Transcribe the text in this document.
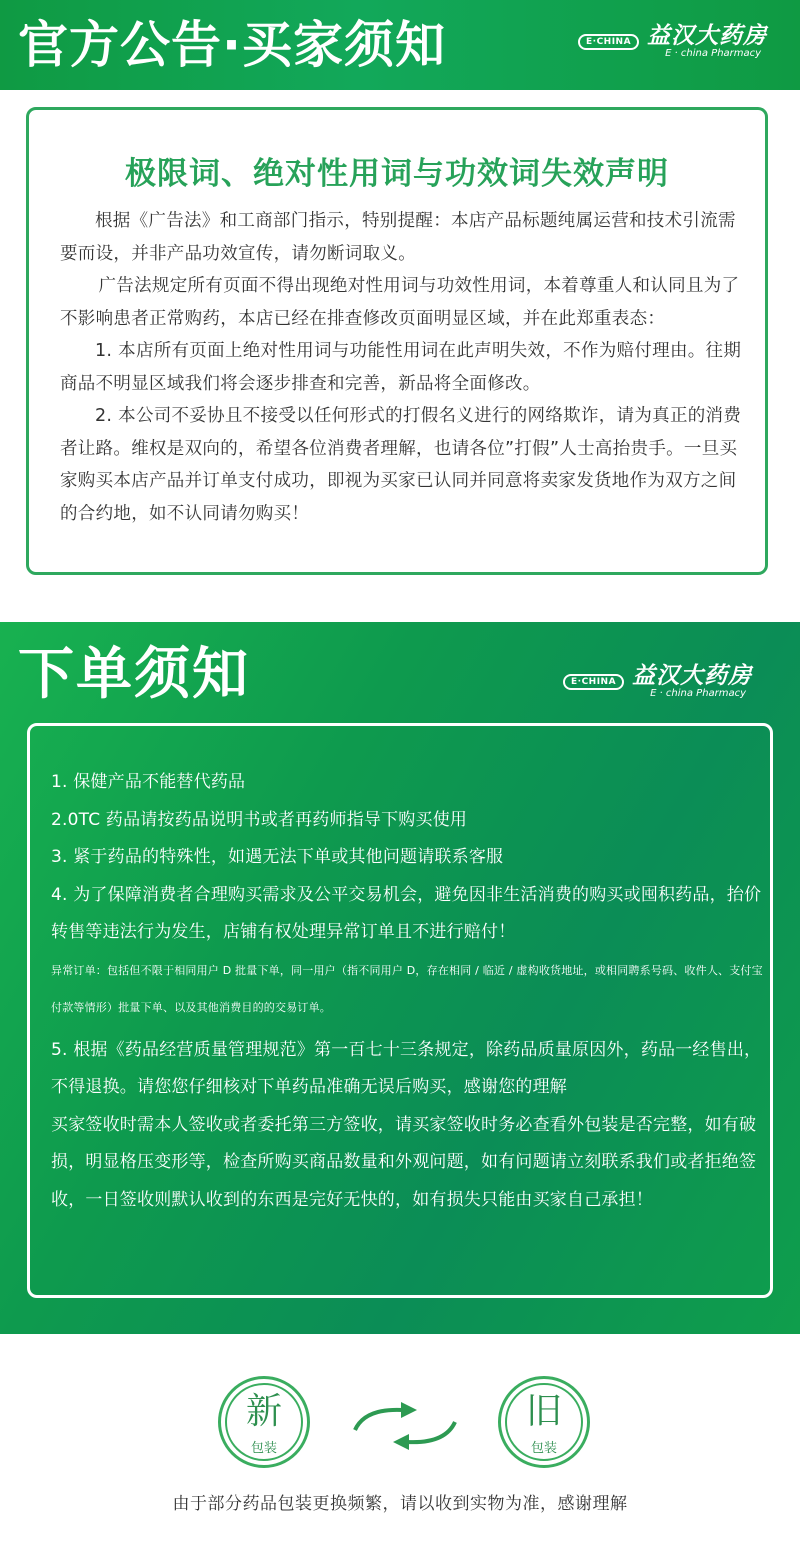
官方公告·买家须知	E·CHINA 益汉大药房
E · china Pharmacy
极限词、绝对性用词与功效词失效声明

根据《广告法》和工商部门指示，特别提醒：本店产品标题纯属运营和技术引流需要而设，并非产品功效宣传，请勿断词取义。

广告法规定所有页面不得出现绝对性用词与功效性用词，本着尊重人和认同且为了不影响患者正常购药，本店已经在排查修改页面明显区域，并在此郑重表态：

1. 本店所有页面上绝对性用词与功能性用词在此声明失效，不作为赔付理由。往期商品不明显区域我们将会逐步排查和完善，新品将全面修改。

2. 本公司不妥协且不接受以任何形式的打假名义进行的网络欺诈，请为真正的消费者让路。维权是双向的，希望各位消费者理解，也请各位”打假”人士高抬贵手。一旦买家购买本店产品并订单支付成功，即视为买家已认同并同意将卖家发货地作为双方之间的合约地，如不认同请勿购买！

下单须知	E·CHINA 益汉大药房
E · china Pharmacy

1. 保健产品不能替代药品

2.0TC 药品请按药品说明书或者再药师指导下购买使用

3. 紧于药品的特殊性，如遇无法下单或其他问题请联系客服

4. 为了保障消费者合理购买需求及公平交易机会，避免因非生活消费的购买或囤积药品，抬价转售等违法行为发生，店铺有权处理异常订单且不进行赔付！

异常订单：包括但不限于相同用户 D 批量下单，同一用户（指不同用户 D，存在相同 / 临近 / 虚构收货地址，或相同聘系号码、收件人、支付宝付款等情形）批量下单、以及其他消费目的的交易订单。

5. 根据《药品经营质量管理规范》第一百七十三条规定，除药品质量原因外，药品一经售出，不得退换。请您您仔细核对下单药品准确无误后购买，感谢您的理解

买家签收时需本人签收或者委托第三方签收，请买家签收时务必查看外包装是否完整，如有破损，明显格压变形等，检查所购买商品数量和外观问题，如有问题请立刻联系我们或者拒绝签收，一日签收则默认收到的东西是完好无快的，如有损失只能由买家自己承担！

新
包装
旧
包装
由于部分药品包装更换频繁，请以收到实物为准，感谢理解
